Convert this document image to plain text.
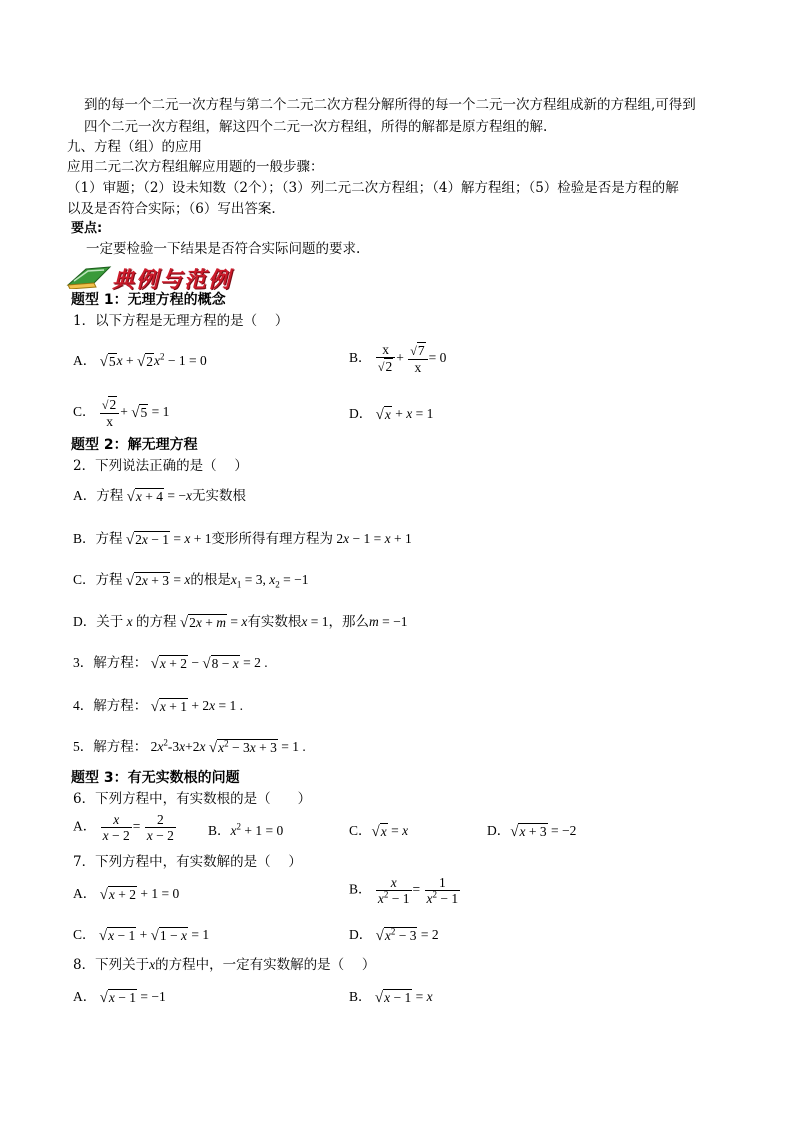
到的每一个二元一次方程与第二个二元二次方程分解所得的每一个二元一次方程组成新的方程组,可得到
四个二元一次方程组，解这四个二元一次方程组，所得的解都是原方程组的解.
九、方程（组）的应用
应用二元二次方程组解应用题的一般步骤：
（1）审题；（2）设未知数（2个）；（3）列二元二次方程组；（4）解方程组；（5）检验是否是方程的解
以及是否符合实际；（6）写出答案.
要点:
一定要检验一下结果是否符合实际问题的要求.
典例与范例
题型 1：无理方程的概念
1．以下方程是无理方程的是（　 ）
A． $√5x + √2x^2 - 1 = 0$	B． $\frac{x}{√2} + \frac{√7}{x} = 0$
C． $\frac{√2}{x} + √5 = 1$	D． √x + x = 1
题型 2：解无理方程
2．下列说法正确的是（　 ）
A．方程 √x + 4 = −x无实数根
B．方程 √2x − 1 = x + 1变形所得有理方程为 2x − 1 = x + 1
C．方程 √2x + 3 = x的根是$x_1 = 3$, $x_2 = -1$
D．关于 x 的方程 √2x + m = x有实数根x = 1，那么m = −1
3．解方程： √x + 2 − √8 − x = 2 .
4．解方程： √x + 1 + 2x = 1 .
5．解方程： $2x^2-3x+2x$ $√x^2 - 3x + 3 = 1$ .
题型 3：有无实数根的问题
6．下列方程中，有实数根的是（　　）
A． $\frac{x}{x - 2} = \frac{2}{x - 2}$ B．$x^2 + 1 = 0$	C．√x = x	D．√x + 3 = −2
7．下列方程中，有实数解的是（　 ）
A． √x + 2 + 1 = 0	B． $\frac{x}{x^2 - 1} = \frac{1}{x^2 - 1}$
C． √x − 1 + √1 − x = 1	D． $√x^2 - 3 = 2$
8．下列关于x的方程中，一定有实数解的是（　 ）
A． √x − 1 = −1	B． √x − 1 = x
